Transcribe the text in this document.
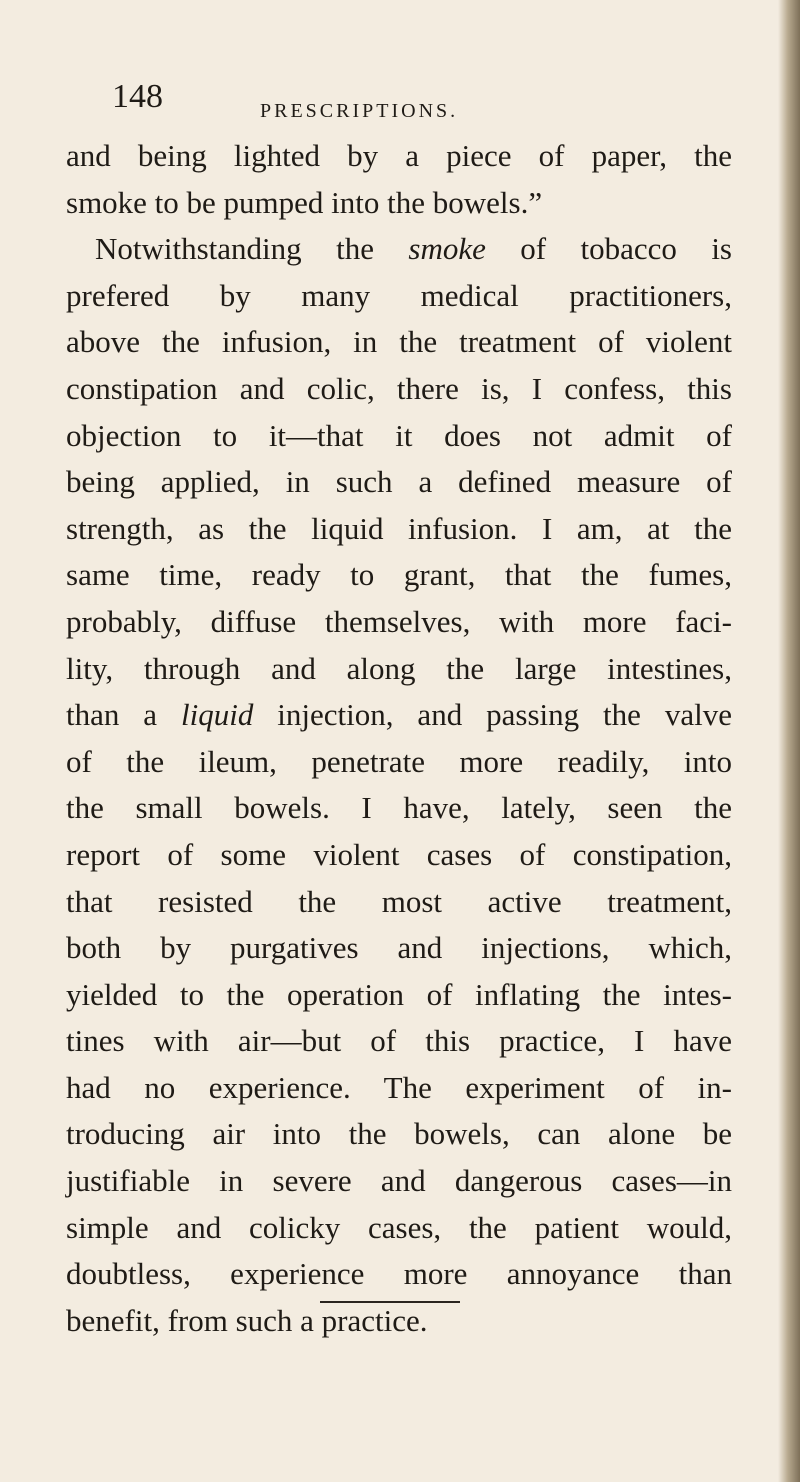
148	PRESCRIPTIONS.
and being lighted by a piece of paper, the
smoke to be pumped into the bowels.”
Notwithstanding the smoke of tobacco is
prefered by many medical practitioners,
above the infusion, in the treatment of violent
constipation and colic, there is, I confess, this
objection to it—that it does not admit of
being applied, in such a defined measure of
strength, as the liquid infusion. I am, at the
same time, ready to grant, that the fumes,
probably, diffuse themselves, with more faci-
lity, through and along the large intestines,
than a liquid injection, and passing the valve
of the ileum, penetrate more readily, into
the small bowels. I have, lately, seen the
report of some violent cases of constipation,
that resisted the most active treatment,
both by purgatives and injections, which,
yielded to the operation of inflating the intes-
tines with air—but of this practice, I have
had no experience. The experiment of in-
troducing air into the bowels, can alone be
justifiable in severe and dangerous cases—in
simple and colicky cases, the patient would,
doubtless, experience more annoyance than
benefit, from such a practice.
